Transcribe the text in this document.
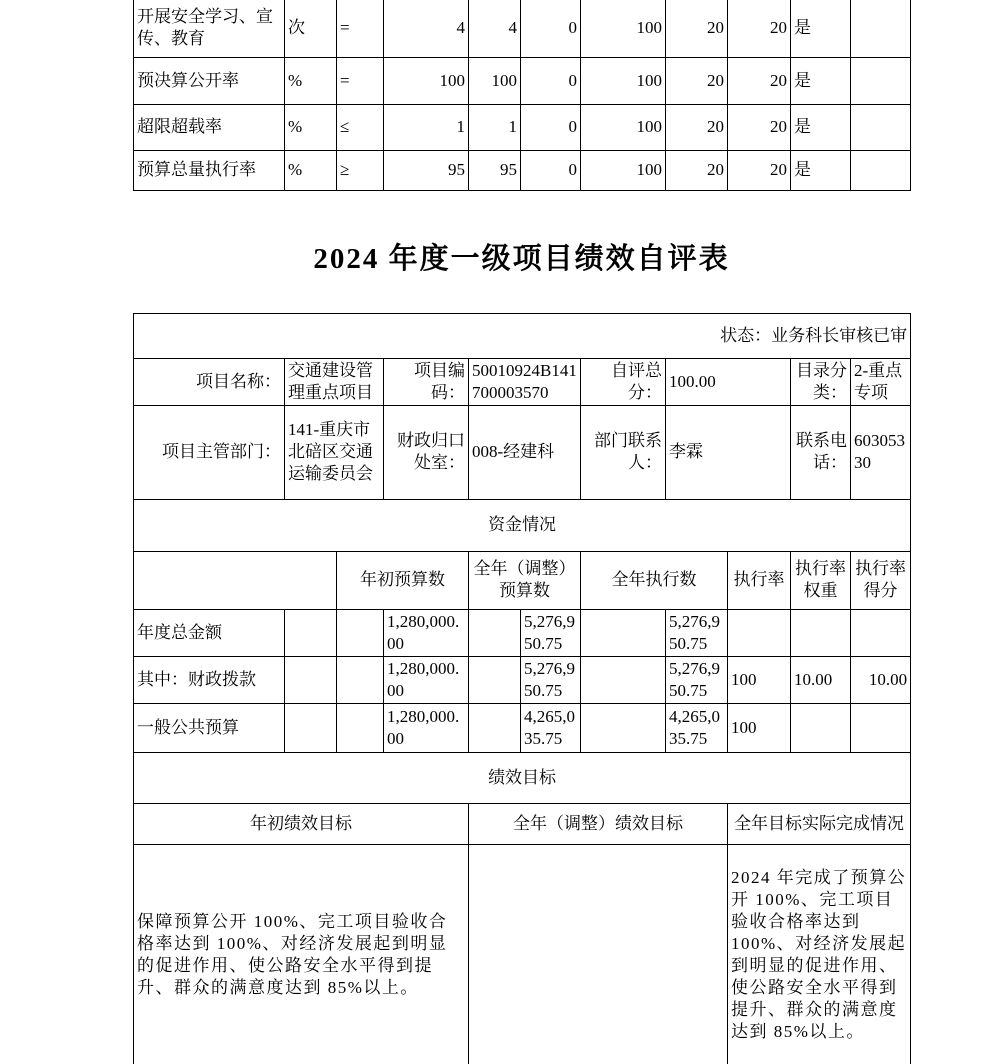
开展安全学习、宣传、教育	次	=	4	4	0	100	20	20	是	
预决算公开率	%	=	100	100	0	100	20	20	是	
超限超载率	%	≤	1	1	0	100	20	20	是	
预算总量执行率	%	≥	95	95	0	100	20	20	是	
2024 年度一级项目绩效自评表
状态：业务科长审核已审										
项目名称：	交通建设管理重点项目		项目编码：	50010924B141700003570		自评总分：	100.00		目录分类：	2-重点专项
项目主管部门：	141-重庆市北碚区交通运输委员会		财政归口处室：	008-经建科		部门联系人：	李霖		联系电话：	60305330
资金情况										
		年初预算数		全年（调整）预算数		全年执行数		执行率	执行率权重	执行率得分
年度总金额			1,280,000.00		5,276,950.75		5,276,950.75			
其中：财政拨款			1,280,000.00		5,276,950.75		5,276,950.75	100	10.00	10.00
一般公共预算			1,280,000.00		4,265,035.75		4,265,035.75	100		
绩效目标										
年初绩效目标				全年（调整）绩效目标				全年目标实际完成情况		
保障预算公开 100%、完工项目验收合格率达到 100%、对经济发展起到明显的促进作用、使公路安全水平得到提升、群众的满意度达到 85%以上。								2024 年完成了预算公开 100%、完工项目验收合格率达到 100%、对经济发展起到明显的促进作用、使公路安全水平得到提升、群众的满意度达到 85%以上。		
